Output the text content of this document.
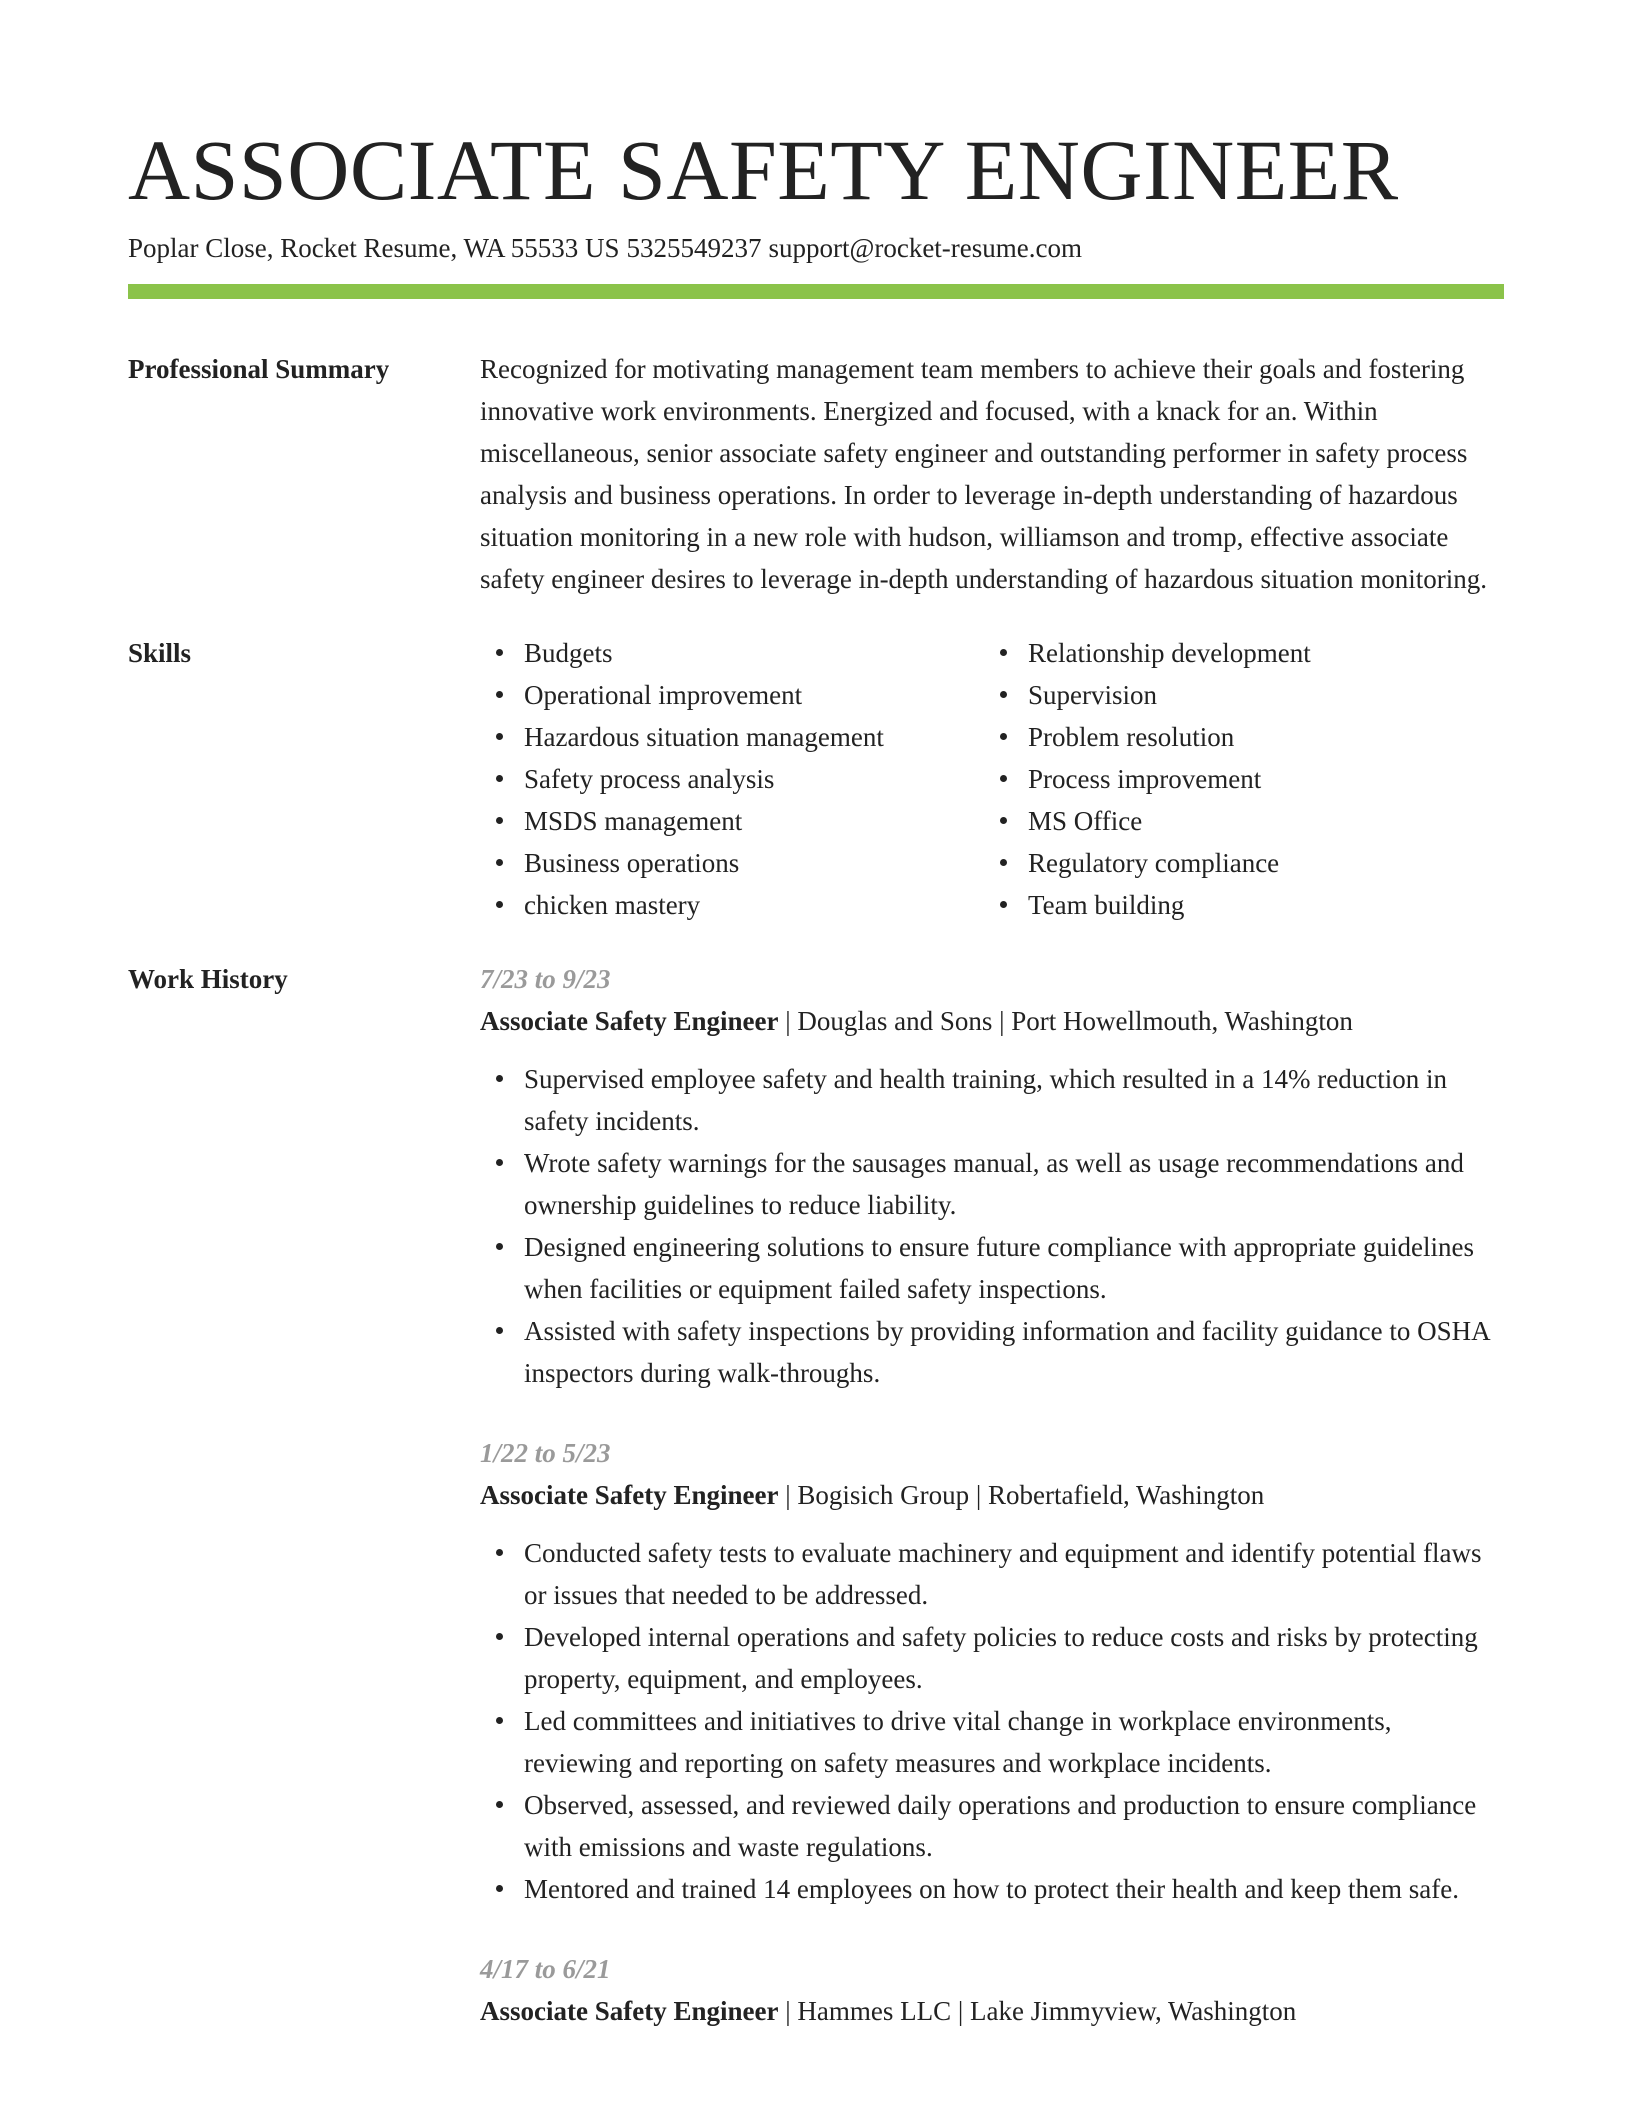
ASSOCIATE SAFETY ENGINEER
Poplar Close, Rocket Resume, WA 55533 US 5325549237 support@rocket-resume.com
Professional Summary	Recognized for motivating management team members to achieve their goals and fostering innovative work environments. Energized and focused, with a knack for an. Within miscellaneous, senior associate safety engineer and outstanding performer in safety process analysis and business operations. In order to leverage in-depth understanding of hazardous situation monitoring in a new role with hudson, williamson and tromp, effective associate safety engineer desires to leverage in-depth understanding of hazardous situation monitoring.

Skills	Budgets
Operational improvement
Hazardous situation management
Safety process analysis
MSDS management
Business operations
chicken mastery
Relationship development
Supervision
Problem resolution
Process improvement
MS Office
Regulatory compliance
Team building
Work History	7/23 to 9/23
Associate Safety Engineer | Douglas and Sons | Port Howellmouth, Washington
Supervised employee safety and health training, which resulted in a 14% reduction in safety incidents.
Wrote safety warnings for the sausages manual, as well as usage recommendations and ownership guidelines to reduce liability.
Designed engineering solutions to ensure future compliance with appropriate guidelines when facilities or equipment failed safety inspections.
Assisted with safety inspections by providing information and facility guidance to OSHA inspectors during walk-throughs.
1/22 to 5/23
Associate Safety Engineer | Bogisich Group | Robertafield, Washington
Conducted safety tests to evaluate machinery and equipment and identify potential flaws or issues that needed to be addressed.
Developed internal operations and safety policies to reduce costs and risks by protecting property, equipment, and employees.
Led committees and initiatives to drive vital change in workplace environments, reviewing and reporting on safety measures and workplace incidents.
Observed, assessed, and reviewed daily operations and production to ensure compliance with emissions and waste regulations.
Mentored and trained 14 employees on how to protect their health and keep them safe.
4/17 to 6/21
Associate Safety Engineer | Hammes LLC | Lake Jimmyview, Washington
